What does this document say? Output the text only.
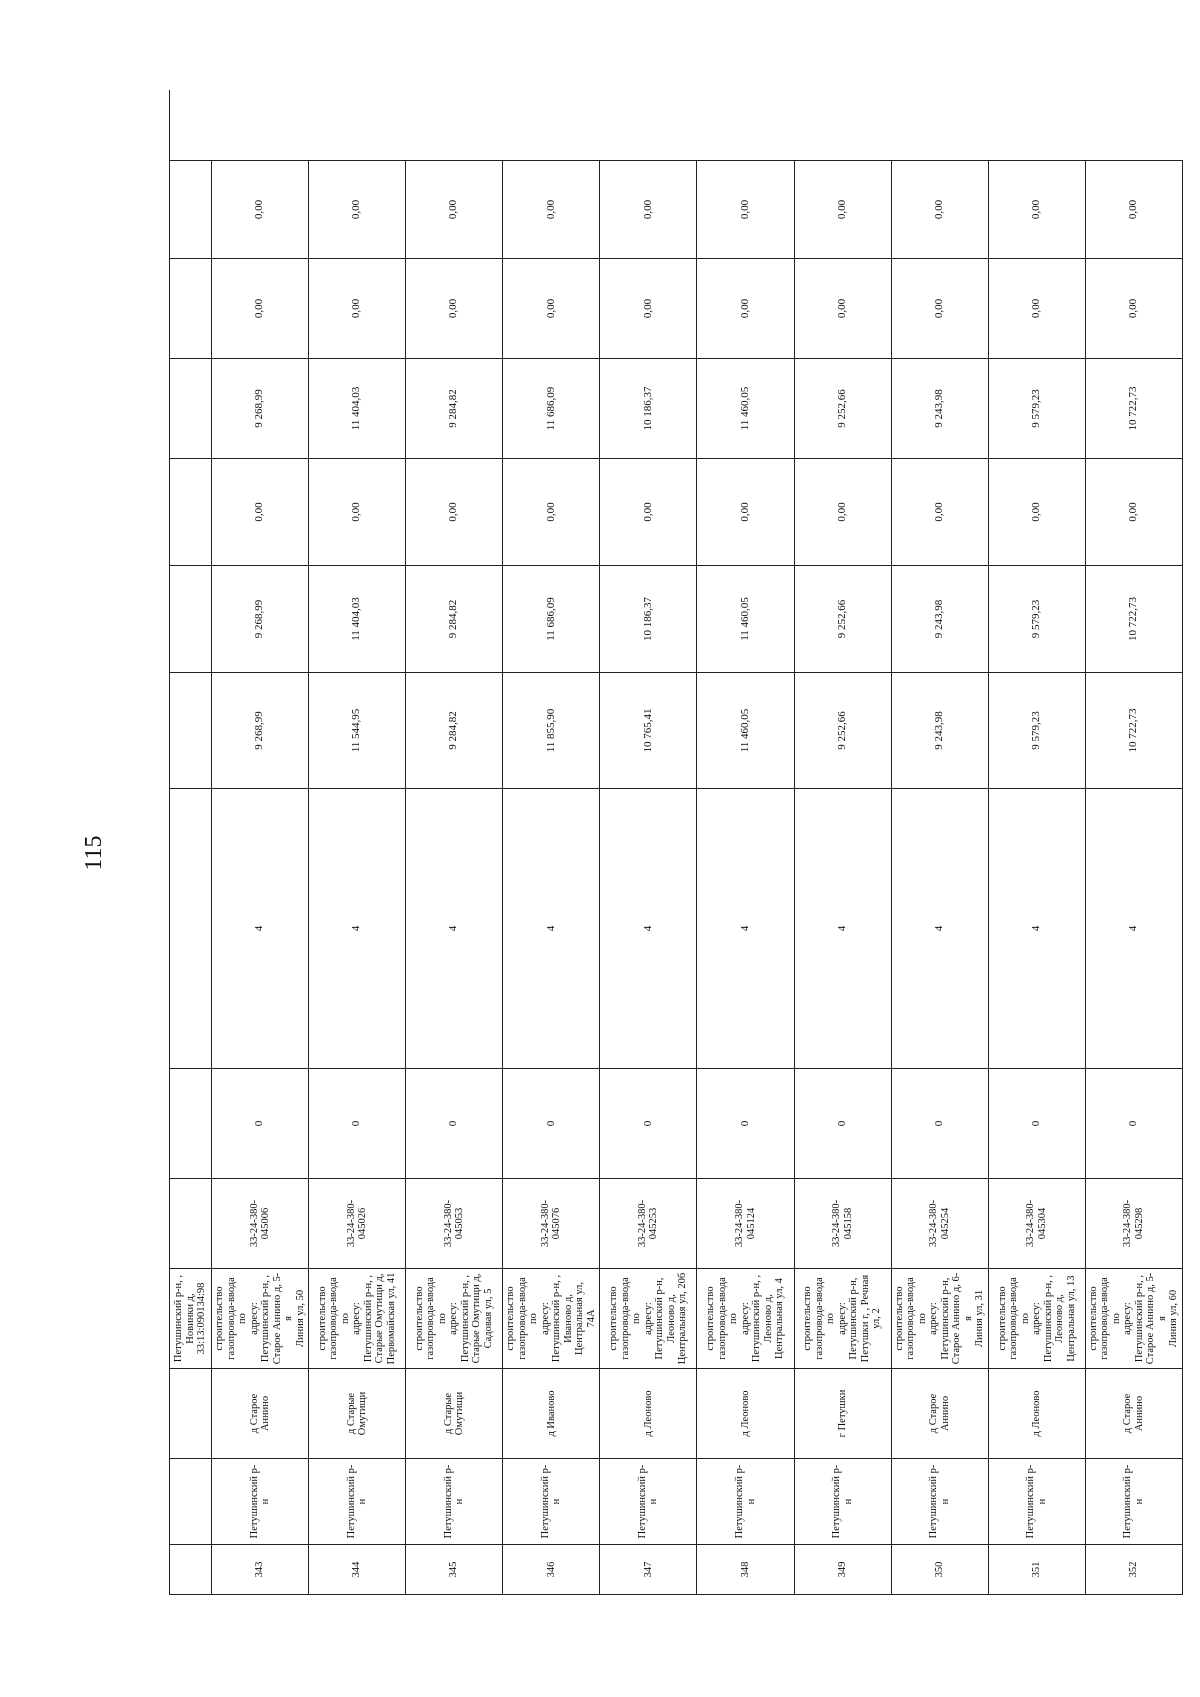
115
Петушинский р-н, ,
Новинки д,
33:13:090134:98
343
Петушинский р-н
д Старое
Аннино
строительство
газопровода-ввода по
адресу:
Петушинский р-н, ,
Старое Аннино д, 5-я
Линия ул, 50
33-24-380-
045006
0
4
9 268,99
9 268,99
0,00
9 268,99
0,00
0,00
344
Петушинский р-н
д Старые
Омутищи
строительство
газопровода-ввода по
адресу:
Петушинский р-н, ,
Старые Омутищи д,
Первомайская ул, 41
33-24-380-
045026
0
4
11 544,95
11 404,03
0,00
11 404,03
0,00
0,00
345
Петушинский р-н
д Старые
Омутищи
строительство
газопровода-ввода по
адресу:
Петушинский р-н, ,
Старые Омутищи д,
Садовая ул, 5
33-24-380-
045053
0
4
9 284,82
9 284,82
0,00
9 284,82
0,00
0,00
346
Петушинский р-н
д Иваново
строительство
газопровода-ввода по
адресу:
Петушинский р-н, ,
Иваново д,
Центральная ул, 74А
33-24-380-
045076
0
4
11 855,90
11 686,09
0,00
11 686,09
0,00
0,00
347
Петушинский р-н
д Леоново
строительство
газопровода-ввода по
адресу:
Петушинский р-н,
Леоново д,
Центральная ул, 20б
33-24-380-
045253
0
4
10 765,41
10 186,37
0,00
10 186,37
0,00
0,00
348
Петушинский р-н
д Леоново
строительство
газопровода-ввода по
адресу:
Петушинский р-н, ,
Леоново д,
Центральная ул, 4
33-24-380-
045124
0
4
11 460,05
11 460,05
0,00
11 460,05
0,00
0,00
349
Петушинский р-н
г Петушки
строительство
газопровода-ввода по
адресу:
Петушинский р-н,
Петушки г, , Речная
ул, 2
33-24-380-
045158
0
4
9 252,66
9 252,66
0,00
9 252,66
0,00
0,00
350
Петушинский р-н
д Старое
Аннино
строительство
газопровода-ввода по
адресу:
Петушинский р-н,
Старое Аннино д, 6-я
Линия ул, 31
33-24-380-
045254
0
4
9 243,98
9 243,98
0,00
9 243,98
0,00
0,00
351
Петушинский р-н
д Леоново
строительство
газопровода-ввода по
адресу:
Петушинский р-н, ,
Леоново д,
Центральная ул, 13
33-24-380-
045304
0
4
9 579,23
9 579,23
0,00
9 579,23
0,00
0,00
352
Петушинский р-н
д Старое
Аннино
строительство
газопровода-ввода по
адресу:
Петушинский р-н, ,
Старое Аннино д, 5-я
Линия ул, 60
33-24-380-
045298
0
4
10 722,73
10 722,73
0,00
10 722,73
0,00
0,00
